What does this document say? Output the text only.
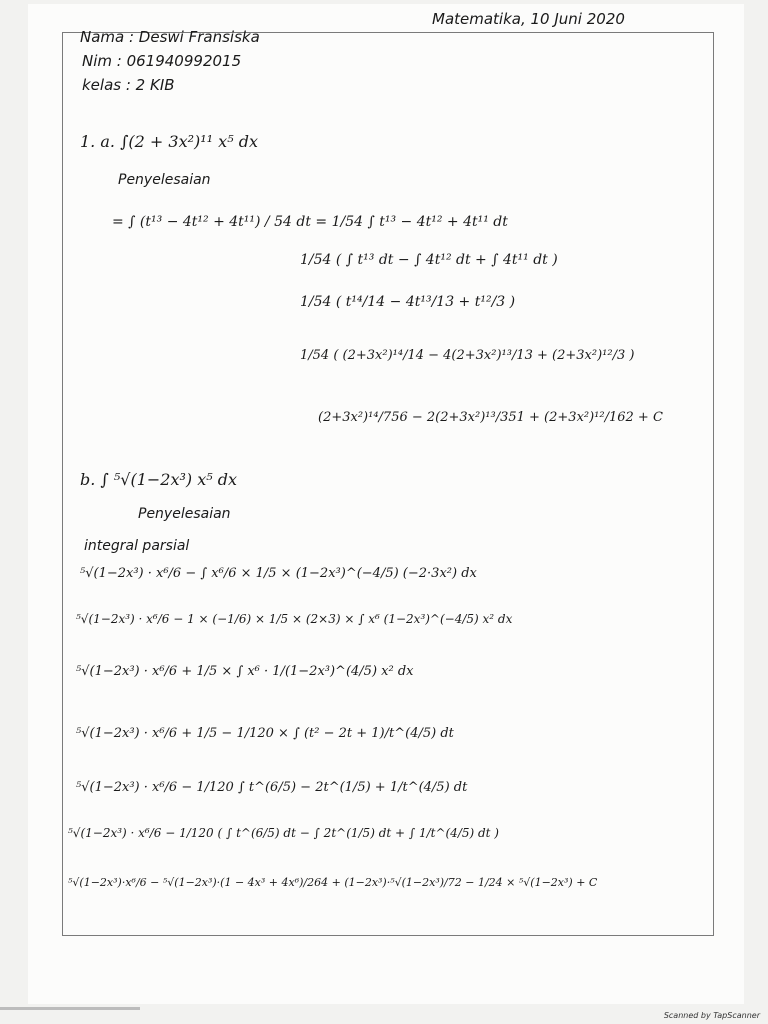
Matematika, 10 Juni 2020
Nama : Deswi Fransiska
Nim : 061940992015
kelas : 2 KIB
1. a. ∫(2 + 3x²)¹¹ x⁵ dx
Penyelesaian
= ∫ (t¹³ − 4t¹² + 4t¹¹) / 54 dt = 1/54 ∫ t¹³ − 4t¹² + 4t¹¹ dt
1/54 ( ∫ t¹³ dt − ∫ 4t¹² dt + ∫ 4t¹¹ dt )
1/54 ( t¹⁴/14 − 4t¹³/13 + t¹²/3 )
1/54 ( (2+3x²)¹⁴/14 − 4(2+3x²)¹³/13 + (2+3x²)¹²/3 )
(2+3x²)¹⁴/756 − 2(2+3x²)¹³/351 + (2+3x²)¹²/162 + C
b. ∫ ⁵√(1−2x³) x⁵ dx
Penyelesaian
integral parsial
⁵√(1−2x³) · x⁶/6 − ∫ x⁶/6 × 1/5 × (1−2x³)^(−4/5) (−2·3x²) dx
⁵√(1−2x³) · x⁶/6 − 1 × (−1/6) × 1/5 × (2×3) × ∫ x⁶ (1−2x³)^(−4/5) x² dx
⁵√(1−2x³) · x⁶/6 + 1/5 × ∫ x⁶ · 1/(1−2x³)^(4/5) x² dx
⁵√(1−2x³) · x⁶/6 + 1/5 − 1/120 × ∫ (t² − 2t + 1)/t^(4/5) dt
⁵√(1−2x³) · x⁶/6 − 1/120 ∫ t^(6/5) − 2t^(1/5) + 1/t^(4/5) dt
⁵√(1−2x³) · x⁶/6 − 1/120 ( ∫ t^(6/5) dt − ∫ 2t^(1/5) dt + ∫ 1/t^(4/5) dt )
⁵√(1−2x³)·x⁶/6 − ⁵√(1−2x³)·(1 − 4x³ + 4x⁶)/264 + (1−2x³)·⁵√(1−2x³)/72 − 1/24 × ⁵√(1−2x³) + C
Scanned by TapScanner
